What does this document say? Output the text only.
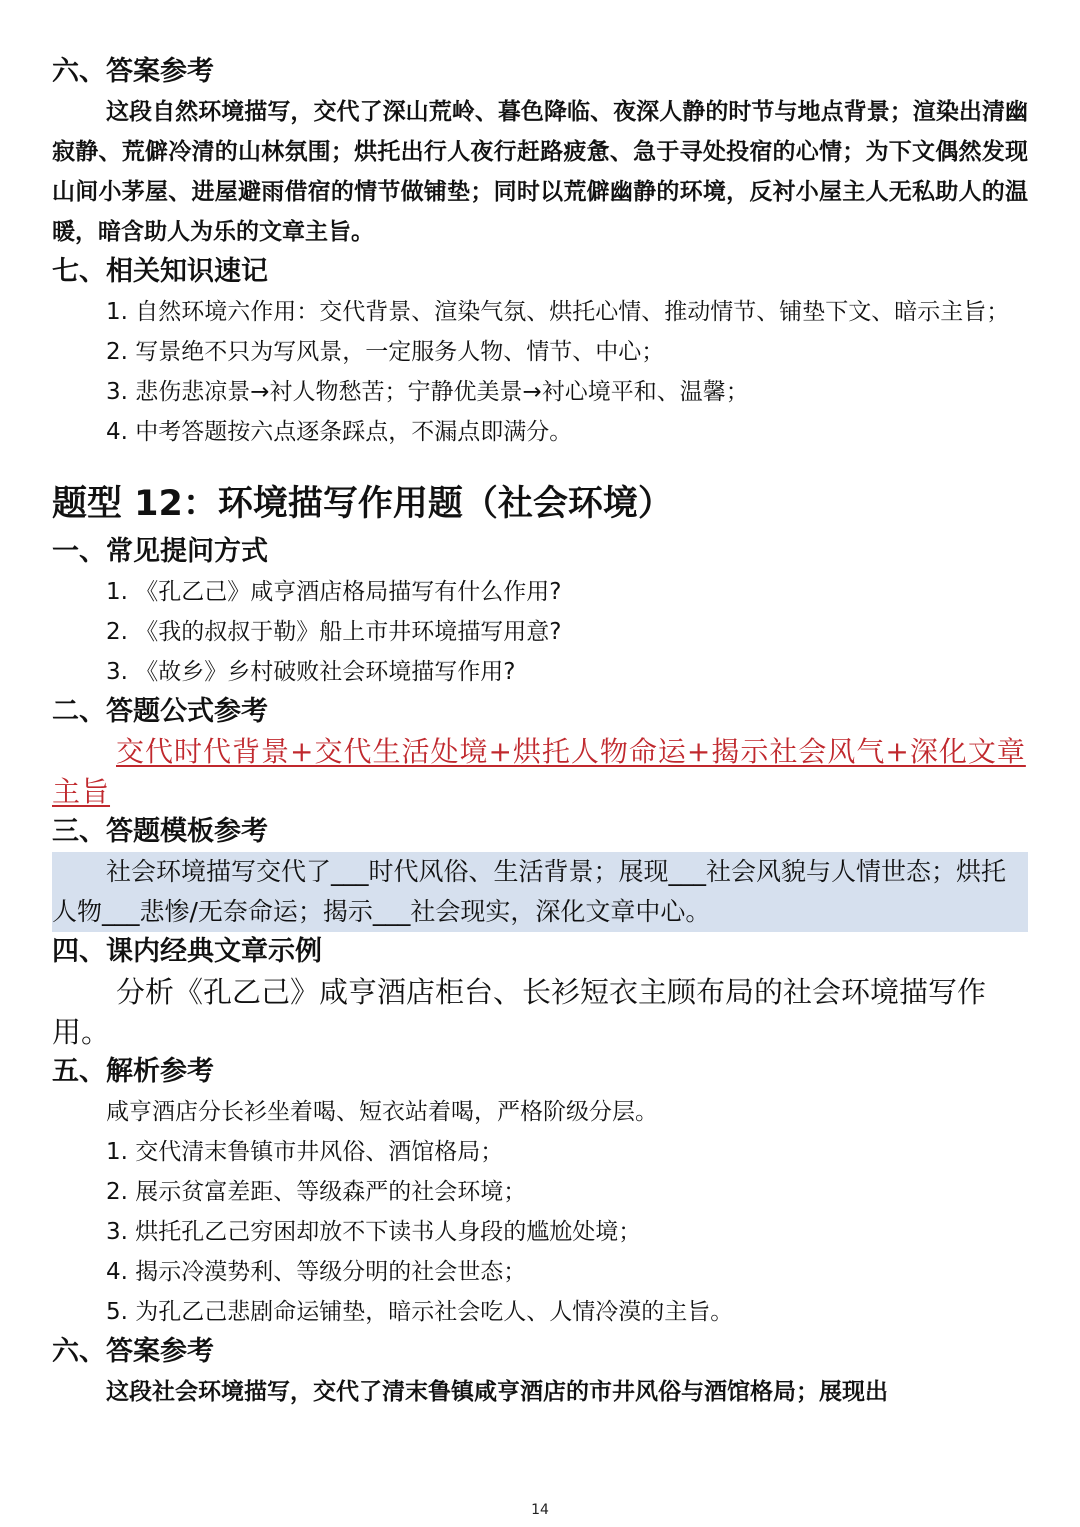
六、答案参考
这段自然环境描写，交代了深山荒岭、暮色降临、夜深人静的时节与地点背景；渲染出清幽寂静、荒僻冷清的山林氛围；烘托出行人夜行赶路疲惫、急于寻处投宿的心情；为下文偶然发现山间小茅屋、进屋避雨借宿的情节做铺垫；同时以荒僻幽静的环境，反衬小屋主人无私助人的温暖，暗含助人为乐的文章主旨。
七、相关知识速记
1. 自然环境六作用：交代背景、渲染气氛、烘托心情、推动情节、铺垫下文、暗示主旨；
2. 写景绝不只为写风景，一定服务人物、情节、中心；
3. 悲伤悲凉景→衬人物愁苦；宁静优美景→衬心境平和、温馨；
4. 中考答题按六点逐条踩点，不漏点即满分。
题型 12：环境描写作用题（社会环境）
一、常见提问方式
1. 《孔乙己》咸亨酒店格局描写有什么作用?
2. 《我的叔叔于勒》船上市井环境描写用意?
3. 《故乡》乡村破败社会环境描写作用?
二、答题公式参考
交代时代背景+交代生活处境+烘托人物命运+揭示社会风气+深化文章主旨
三、答题模板参考
社会环境描写交代了___时代风俗、生活背景；展现___社会风貌与人情世态；烘托人物___悲惨/无奈命运；揭示___社会现实，深化文章中心。
四、课内经典文章示例
分析《孔乙己》咸亨酒店柜台、长衫短衣主顾布局的社会环境描写作用。
五、解析参考
咸亨酒店分长衫坐着喝、短衣站着喝，严格阶级分层。
1. 交代清末鲁镇市井风俗、酒馆格局；
2. 展示贫富差距、等级森严的社会环境；
3. 烘托孔乙己穷困却放不下读书人身段的尴尬处境；
4. 揭示冷漠势利、等级分明的社会世态；
5. 为孔乙己悲剧命运铺垫，暗示社会吃人、人情冷漠的主旨。
六、答案参考
这段社会环境描写，交代了清末鲁镇咸亨酒店的市井风俗与酒馆格局；展现出
14
